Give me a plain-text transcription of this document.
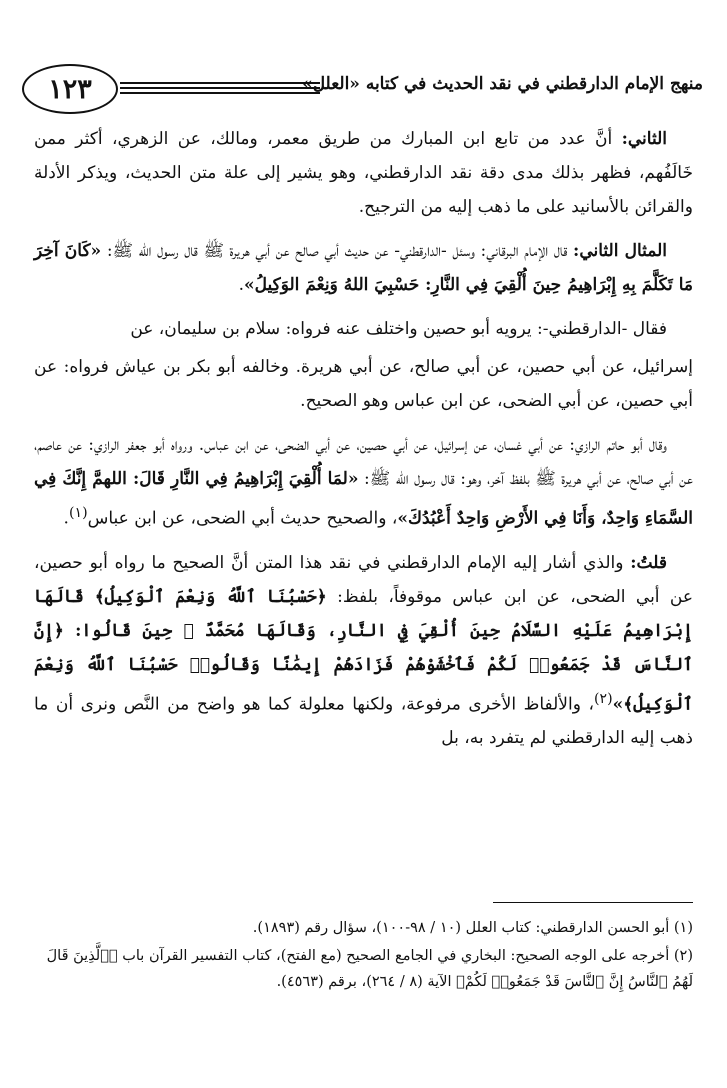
١٢٣	منهج الإمام الدارقطني في نقد الحديث في كتابه «العلل»

الثاني: أنَّ عدد من تابع ابن المبارك من طريق معمر، ومالك، عن الزهري، أكثر ممن خَالَفُهم، فظهر بذلك مدى دقة نقد الدارقطني، وهو يشير إلى علة متن الحديث، ويذكر الأدلة والقرائن بالأسانيد على ما ذهب إليه من الترجيح.

المثال الثاني: قال الإمام البرقاني: وسئل -الدارقطني- عن حديث أبي صالح عن أبي هريرة ﷺ قال رسول الله ﷺ: «كَانَ آخِرَ مَا تَكَلَّمَ بِهِ إِبْرَاهِيمُ حِينَ أُلْقِيَ فِي النَّارِ: حَسْبِيَ اللهُ وَنِعْمَ الوَكِيلُ».

فقال -الدارقطني-: يرويه أبو حصين واختلف عنه فرواه: سلام بن سليمان، عن

إسرائيل، عن أبي حصين، عن أبي صالح، عن أبي هريرة. وخالفه أبو بكر بن عياش فرواه: عن أبي حصين، عن أبي الضحى، عن ابن عباس وهو الصحيح.

وقال أبو حاتم الرازي: عن أبي غسان، عن إسرائيل، عن أبي حصين، عن أبي الضحى، عن ابن عباس. ورواه أبو جعفر الرازي: عن عاصم، عن أبي صالح، عن أبي هريرة ﷺ بلفظ آخر، وهو: قال رسول الله ﷺ: «لمَا أُلْقِيَ إِبْرَاهِيمُ فِي النَّارِ قَالَ: اللهمَّ إِنَّكَ فِي السَّمَاءِ وَاحِدٌ، وَأَنَا فِي الأَرْضِ وَاحِدٌ أَعْبُدُكَ»، والصحيح حديث أبي الضحى، عن ابن عباس$^{(١)}$.

قلتُ: والذي أشار إليه الإمام الدارقطني في نقد هذا المتن أنَّ الصحيح ما رواه أبو حصين، عن أبي الضحى، عن ابن عباس موقوفاً، بلفظ: ﴿حَسْبُنَا ٱللَّهُ وَنِعْمَ ٱلْوَكِيلُ﴾ قَالَهَا إِبْرَاهِيمُ عَلَيْهِ السَّلَامُ حِينَ أُلْقِيَ فِي النَّارِ، وَقَالَهَا مُحَمَّدٌ ﷺ حِينَ قَالُوا: ﴿إِنَّ ٱلنَّاسَ قَدْ جَمَعُوا۟ لَكُمْ فَٱخْشَوْهُمْ فَزَادَهُمْ إِيمَٰنًا وَقَالُوا۟ حَسْبُنَا ٱللَّهُ وَنِعْمَ ٱلْوَكِيلُ﴾»$^{(٢)}$، والألفاظ الأخرى مرفوعة، ولكنها معلولة كما هو واضح من النَّص ونرى أن ما ذهب إليه الدارقطني لم يتفرد به، بل

(١) أبو الحسن الدارقطني: كتاب العلل (١٠ / ٩٨-١٠٠)، سؤال رقم (١٨٩٣).

(٢) أخرجه على الوجه الصحيح: البخاري في الجامع الصحيح (مع الفتح)، كتاب التفسير القرآن باب ﴿ٱلَّذِينَ قَالَ لَهُمُ ٱلنَّاسُ إِنَّ ٱلنَّاسَ قَدْ جَمَعُوا۟ لَكُمْ﴾ الآية (٨ / ٢٦٤)، برقم (٤٥٦٣).
